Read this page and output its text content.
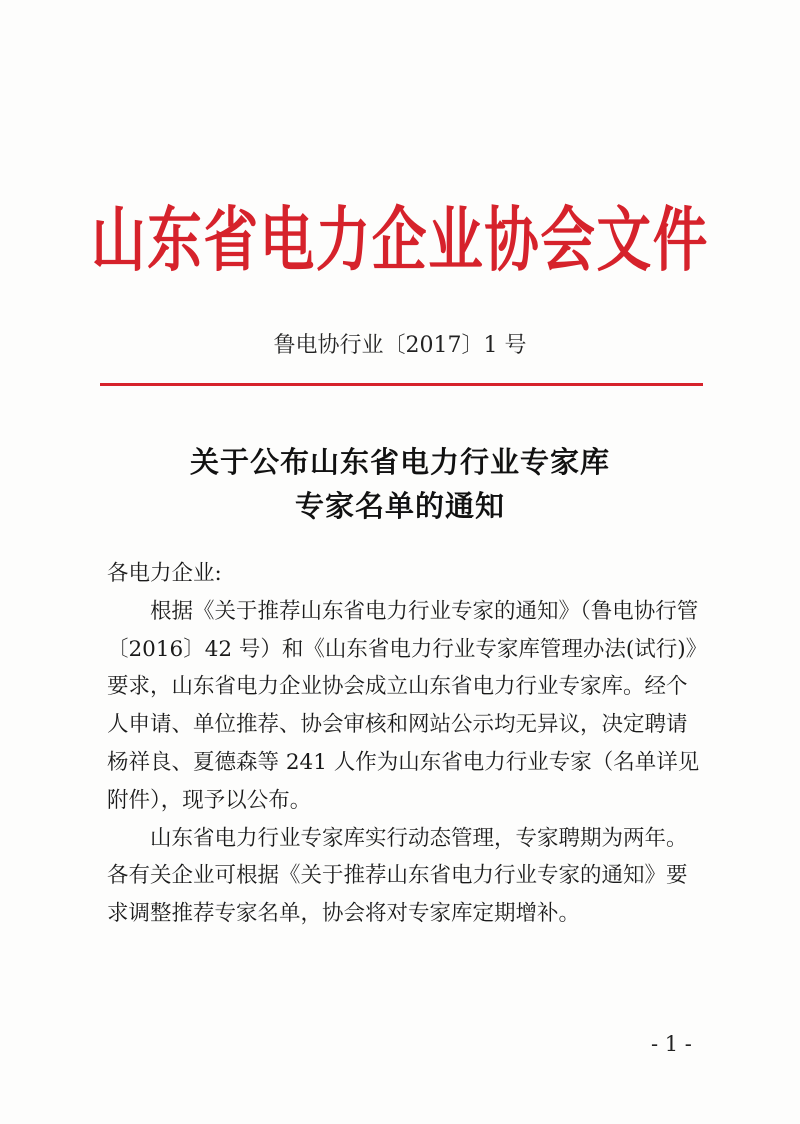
山东省电力企业协会文件
鲁电协行业〔2017〕1 号
关于公布山东省电力行业专家库
专家名单的通知

各电力企业:

根据《关于推荐山东省电力行业专家的通知》（鲁电协行管〔2016〕42 号）和《山东省电力行业专家库管理办法(试行)》要求，山东省电力企业协会成立山东省电力行业专家库。经个人申请、单位推荐、协会审核和网站公示均无异议，决定聘请杨祥良、夏德森等 241 人作为山东省电力行业专家（名单详见附件），现予以公布。

山东省电力行业专家库实行动态管理，专家聘期为两年。各有关企业可根据《关于推荐山东省电力行业专家的通知》要求调整推荐专家名单，协会将对专家库定期增补。

- 1 -
